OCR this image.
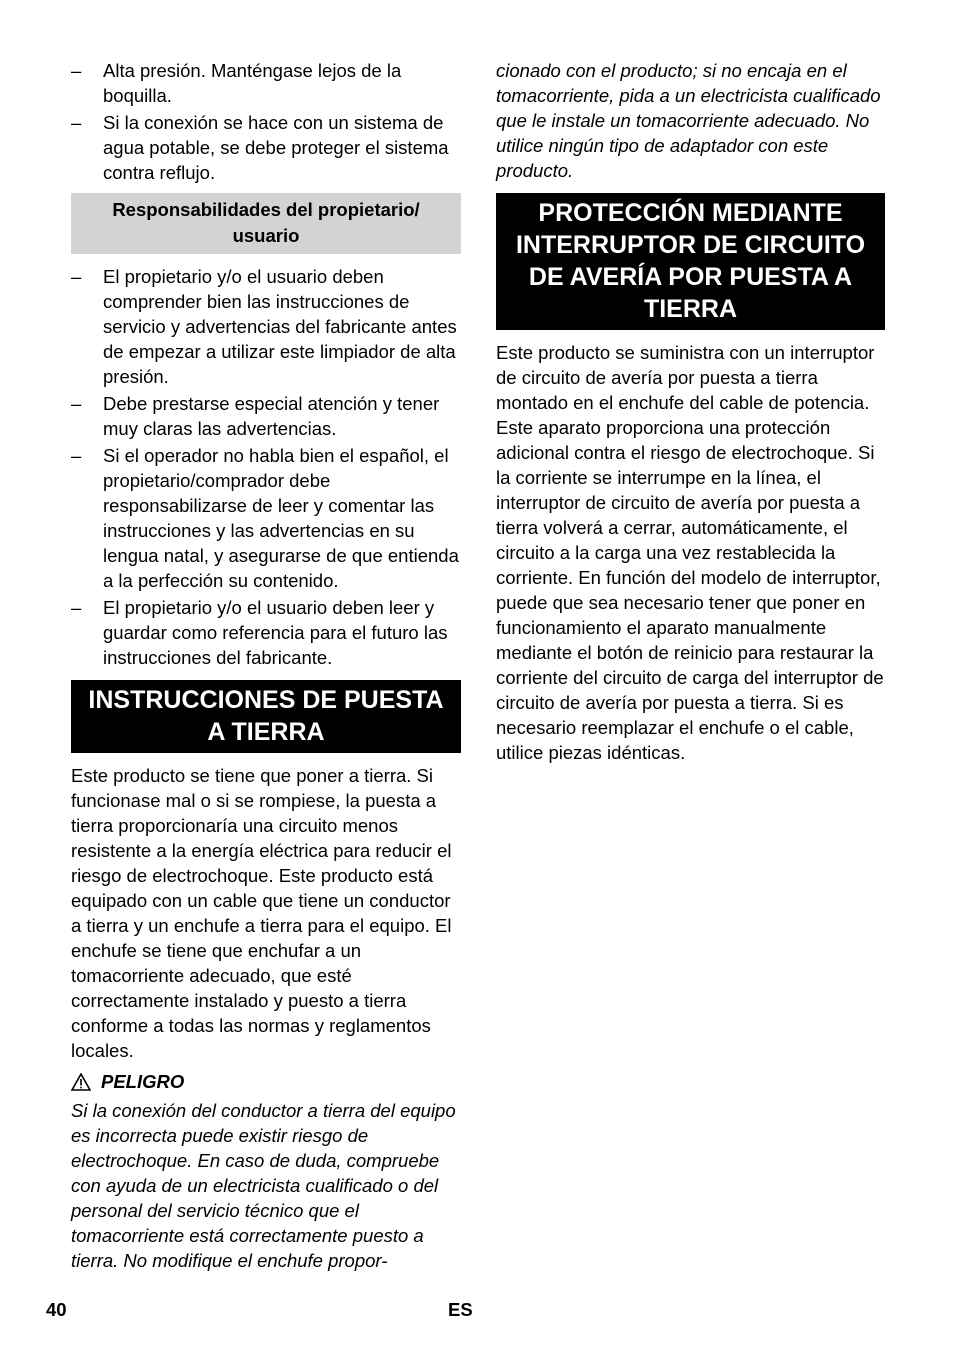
–	Alta presión. Manténgase lejos de la boquilla.
–	Si la conexión se hace con un sistema de agua potable, se debe proteger el sistema contra reflujo.
Responsabilidades del propietario/ usuario
–	El propietario y/o el usuario deben comprender bien las instrucciones de servicio y advertencias del fabricante antes de empezar a utilizar este limpiador de alta presión.
–	Debe prestarse especial atención y tener muy claras las advertencias.
–	Si el operador no habla bien el español, el propietario/comprador debe responsabilizarse de leer y comentar las instrucciones y las advertencias en su lengua natal, y asegurarse de que entienda a la perfección su contenido.
–	El propietario y/o el usuario deben leer y guardar como referencia para el futuro las instrucciones del fabricante.
INSTRUCCIONES DE PUESTA A TIERRA

Este producto se tiene que poner a tierra. Si funcionase mal o si se rompiese, la puesta a tierra proporcionaría una circuito menos resistente a la energía eléctrica para reducir el riesgo de electrochoque. Este producto está equipado con un cable que tiene un conductor a tierra y un enchufe a tierra para el equipo. El enchufe se tiene que enchufar a un tomacorriente adecuado, que esté correctamente instalado y puesto a tierra conforme a todas las normas y reglamentos locales.

PELIGRO

Si la conexión del conductor a tierra del equipo es incorrecta puede existir riesgo de electrochoque. En caso de duda, compruebe con ayuda de un electricista cualificado o del personal del servicio técnico que el tomacorriente está correctamente puesto a tierra. No modifique el enchufe propor-

cionado con el producto; si no encaja en el tomacorriente, pida a un electricista cualificado que le instale un tomacorriente adecuado. No utilice ningún tipo de adaptador con este producto.

PROTECCIÓN MEDIANTE INTERRUPTOR DE CIRCUITO DE AVERÍA POR PUESTA A TIERRA

Este producto se suministra con un interruptor de circuito de avería por puesta a tierra montado en el enchufe del cable de potencia. Este aparato proporciona una protección adicional contra el riesgo de electrochoque. Si la corriente se interrumpe en la línea, el interruptor de circuito de avería por puesta a tierra volverá a cerrar, automáticamente, el circuito a la carga una vez restablecida la corriente. En función del modelo de interruptor, puede que sea necesario tener que poner en funcionamiento el aparato manualmente mediante el botón de reinicio para restaurar la corriente del circuito de carga del interruptor de circuito de avería por puesta a tierra. Si es necesario reemplazar el enchufe o el cable, utilice piezas idénticas.

40	ES
